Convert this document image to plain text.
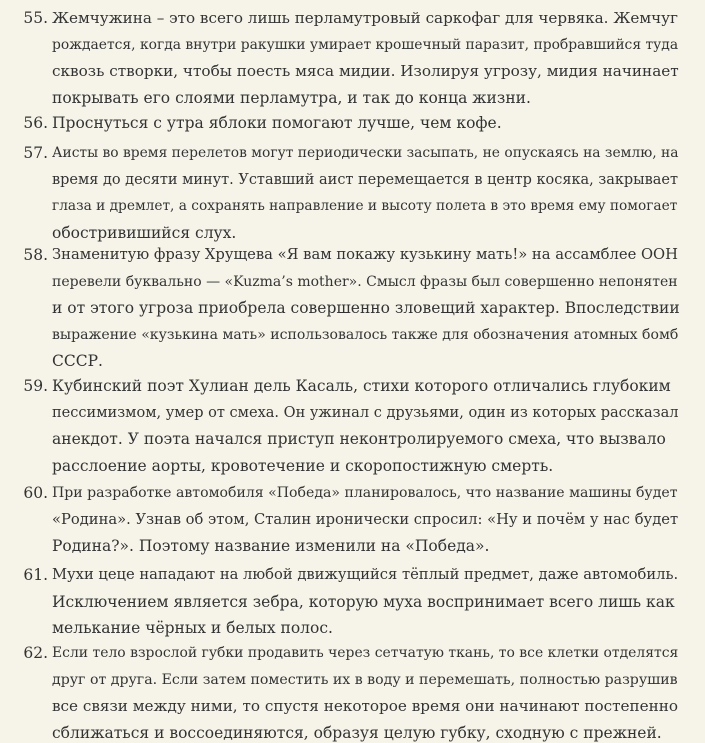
55. Жемчужина – это всего лишь перламутровый саркофаг для червяка. Жемчуг
рождается, когда внутри ракушки умирает крошечный паразит, пробравшийся туда
сквозь створки, чтобы поесть мяса мидии. Изолируя угрозу, мидия начинает
покрывать его слоями перламутра, и так до конца жизни.
56. Проснуться с утра яблоки помогают лучше, чем кофе.
57. Аисты во время перелетов могут периодически засыпать, не опускаясь на землю, на
время до десяти минут. Уставший аист перемещается в центр косяка, закрывает
глаза и дремлет, а сохранять направление и высоту полета в это время ему помогает
обостривишийся слух.
58. Знаменитую фразу Хрущева «Я вам покажу кузькину мать!» на ассамблее ООН
перевели буквально — «Kuzma’s mother». Смысл фразы был совершенно непонятен
и от этого угроза приобрела совершенно зловещий характер. Впоследствии
выражение «кузькина мать» использовалось также для обозначения атомных бомб
СССР.
59. Кубинский поэт Хулиан дель Касаль, стихи которого отличались глубоким
пессимизмом, умер от смеха. Он ужинал с друзьями, один из которых рассказал
анекдот. У поэта начался приступ неконтролируемого смеха, что вызвало
расслоение аорты, кровотечение и скоропостижную смерть.
60. При разработке автомобиля «Победа» планировалось, что название машины будет
«Родина». Узнав об этом, Сталин иронически спросил: «Ну и почём у нас будет
Родина?». Поэтому название изменили на «Победа».
61. Мухи цеце нападают на любой движущийся тёплый предмет, даже автомобиль.
Исключением является зебра, которую муха воспринимает всего лишь как
мелькание чёрных и белых полос.
62. Если тело взрослой губки продавить через сетчатую ткань, то все клетки отделятся
друг от друга. Если затем поместить их в воду и перемешать, полностью разрушив
все связи между ними, то спустя некоторое время они начинают постепенно
сближаться и воссоединяются, образуя целую губку, сходную с прежней.
